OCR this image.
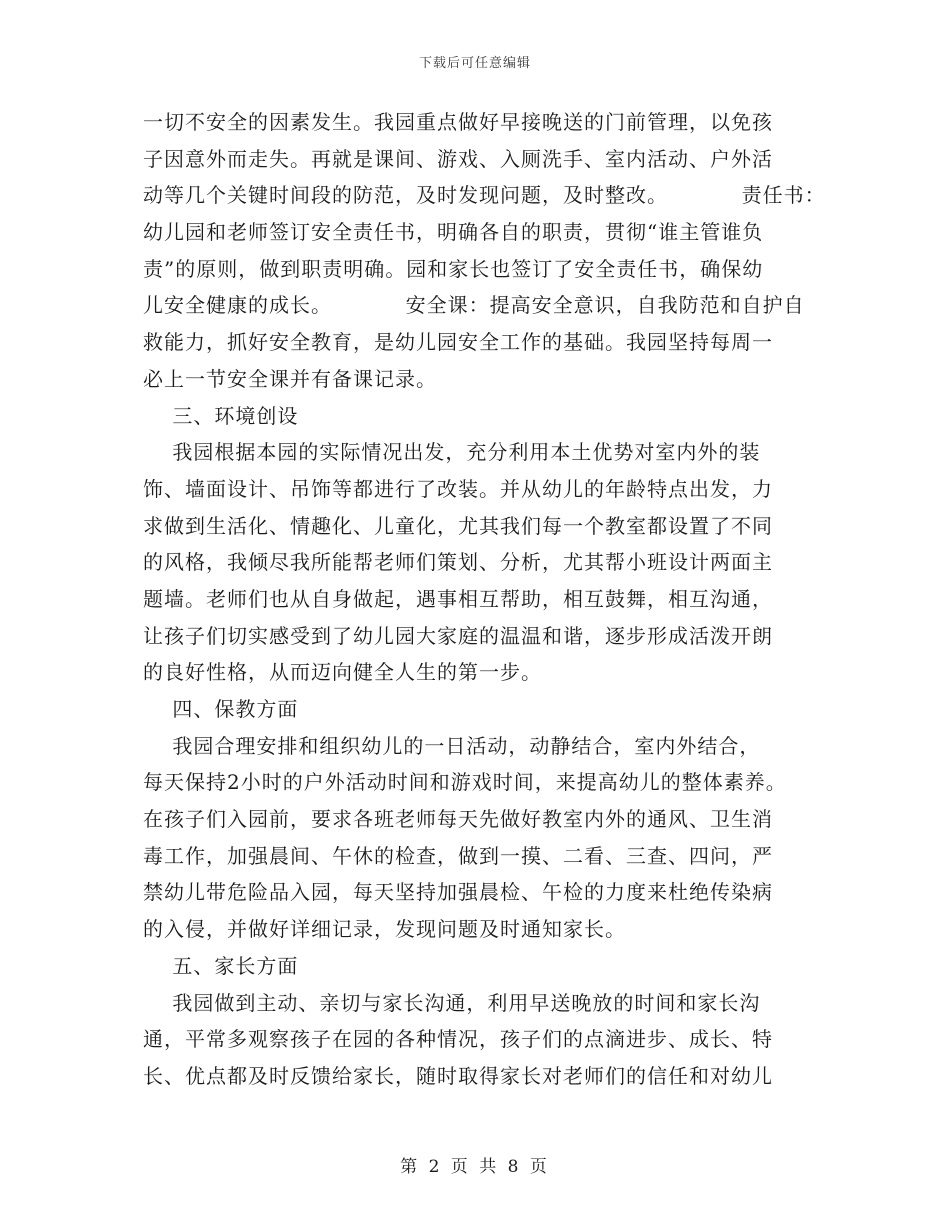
下载后可任意编辑
一切不安全的因素发生。我园重点做好早接晚送的门前管理，以免孩
子因意外而走失。再就是课间、游戏、入厕洗手、室内活动、户外活
动等几个关键时间段的防范，及时发现问题，及时整改。          责任书：
幼儿园和老师签订安全责任书，明确各自的职责，贯彻“谁主管谁负
责”的原则，做到职责明确。园和家长也签订了安全责任书，确保幼
儿安全健康的成长。          安全课：提高安全意识，自我防范和自护自
救能力，抓好安全教育，是幼儿园安全工作的基础。我园坚持每周一
必上一节安全课并有备课记录。
三、环境创设
我园根据本园的实际情况出发，充分利用本土优势对室内外的装
饰、墙面设计、吊饰等都进行了改装。并从幼儿的年龄特点出发，力
求做到生活化、情趣化、儿童化，尤其我们每一个教室都设置了不同
的风格，我倾尽我所能帮老师们策划、分析，尤其帮小班设计两面主
题墙。老师们也从自身做起，遇事相互帮助，相互鼓舞，相互沟通，
让孩子们切实感受到了幼儿园大家庭的温温和谐，逐步形成活泼开朗
的良好性格，从而迈向健全人生的第一步。
四、保教方面
我园合理安排和组织幼儿的一日活动，动静结合，室内外结合，
每天保持2小时的户外活动时间和游戏时间，来提高幼儿的整体素养。
在孩子们入园前，要求各班老师每天先做好教室内外的通风、卫生消
毒工作，加强晨间、午休的检查，做到一摸、二看、三查、四问，严
禁幼儿带危险品入园，每天坚持加强晨检、午检的力度来杜绝传染病
的入侵，并做好详细记录，发现问题及时通知家长。
五、家长方面
我园做到主动、亲切与家长沟通，利用早送晚放的时间和家长沟
通，平常多观察孩子在园的各种情况，孩子们的点滴进步、成长、特
长、优点都及时反馈给家长，随时取得家长对老师们的信任和对幼儿
第 2 页 共 8 页
